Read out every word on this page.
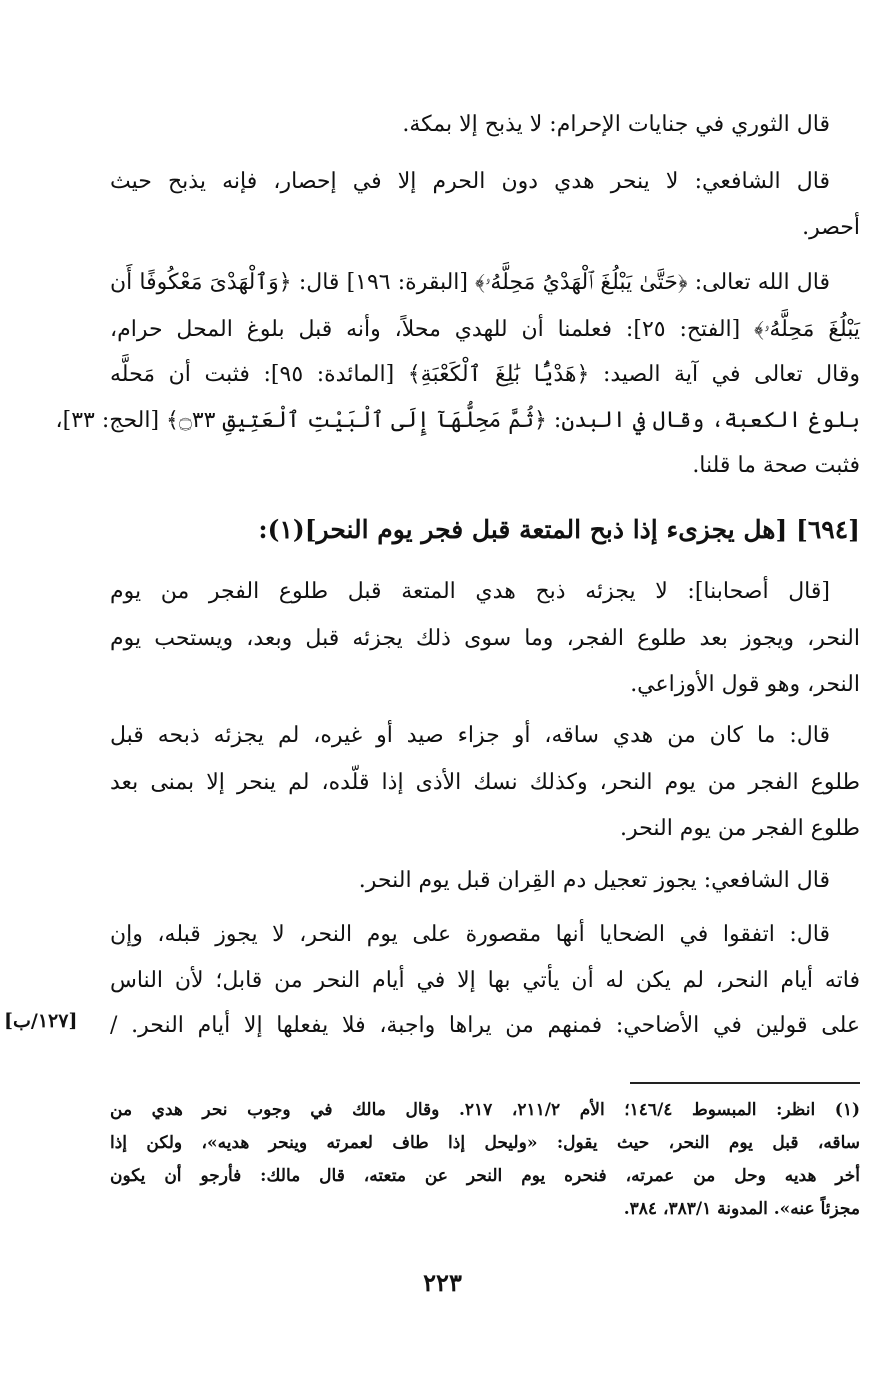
قال الثوري في جنايات الإحرام: لا يذبح إلا بمكة.
قال الشافعي: لا ينحر هدي دون الحرم إلا في إحصار، فإنه يذبح حيث
أحصر.
قال الله تعالى: ﴿حَتَّىٰ يَبْلُغَ ٱلْهَدْيُ مَحِلَّهُۥ﴾ [البقرة: ١٩٦] قال: ﴿وَٱلْهَدْىَ مَعْكُوفًا أَن
يَبْلُغَ مَحِلَّهُۥ﴾ [الفتح: ٢٥]: فعلمنا أن للهدي محلاً، وأنه قبل بلوغ المحل حرام،
وقال تعالى في آية الصيد: ﴿هَدْيًۢا بَٰلِغَ ٱلْكَعْبَةِ﴾ [المائدة: ٩٥]: فثبت أن مَحلَّه
بلوغ الكعبة، وقال في البدن: ﴿ثُمَّ مَحِلُّهَآ إِلَى ٱلْبَيْتِ ٱلْعَتِيقِ ۝٣٣﴾ [الحج: ٣٣]،
فثبت صحة ما قلنا.
[٦٩٤] [هل يجزىء إذا ذبح المتعة قبل فجر يوم النحر](١):
[قال أصحابنا]: لا يجزئه ذبح هدي المتعة قبل طلوع الفجر من يوم
النحر، ويجوز بعد طلوع الفجر، وما سوى ذلك يجزئه قبل وبعد، ويستحب يوم
النحر، وهو قول الأوزاعي.
قال: ما كان من هدي ساقه، أو جزاء صيد أو غيره، لم يجزئه ذبحه قبل
طلوع الفجر من يوم النحر، وكذلك نسك الأذى إذا قلّده، لم ينحر إلا بمنى بعد
طلوع الفجر من يوم النحر.
قال الشافعي: يجوز تعجيل دم القِران قبل يوم النحر.
قال: اتفقوا في الضحايا أنها مقصورة على يوم النحر، لا يجوز قبله، وإن
فاته أيام النحر، لم يكن له أن يأتي بها إلا في أيام النحر من قابل؛ لأن الناس
على قولين في الأضاحي: فمنهم من يراها واجبة، فلا يفعلها إلا أيام النحر. /
[١٢٧/ب]
(١) انظر: المبسوط ١٤٦/٤؛ الأم ٢١١/٢، ٢١٧. وقال مالك في وجوب نحر هدي من
ساقه، قبل يوم النحر، حيث يقول: «وليحل إذا طاف لعمرته وينحر هديه»، ولكن إذا
أخر هديه وحل من عمرته، فنحره يوم النحر عن متعته، قال مالك: فأرجو أن يكون
مجزئاً عنه». المدونة ٣٨٣/١، ٣٨٤.
٢٢٣
